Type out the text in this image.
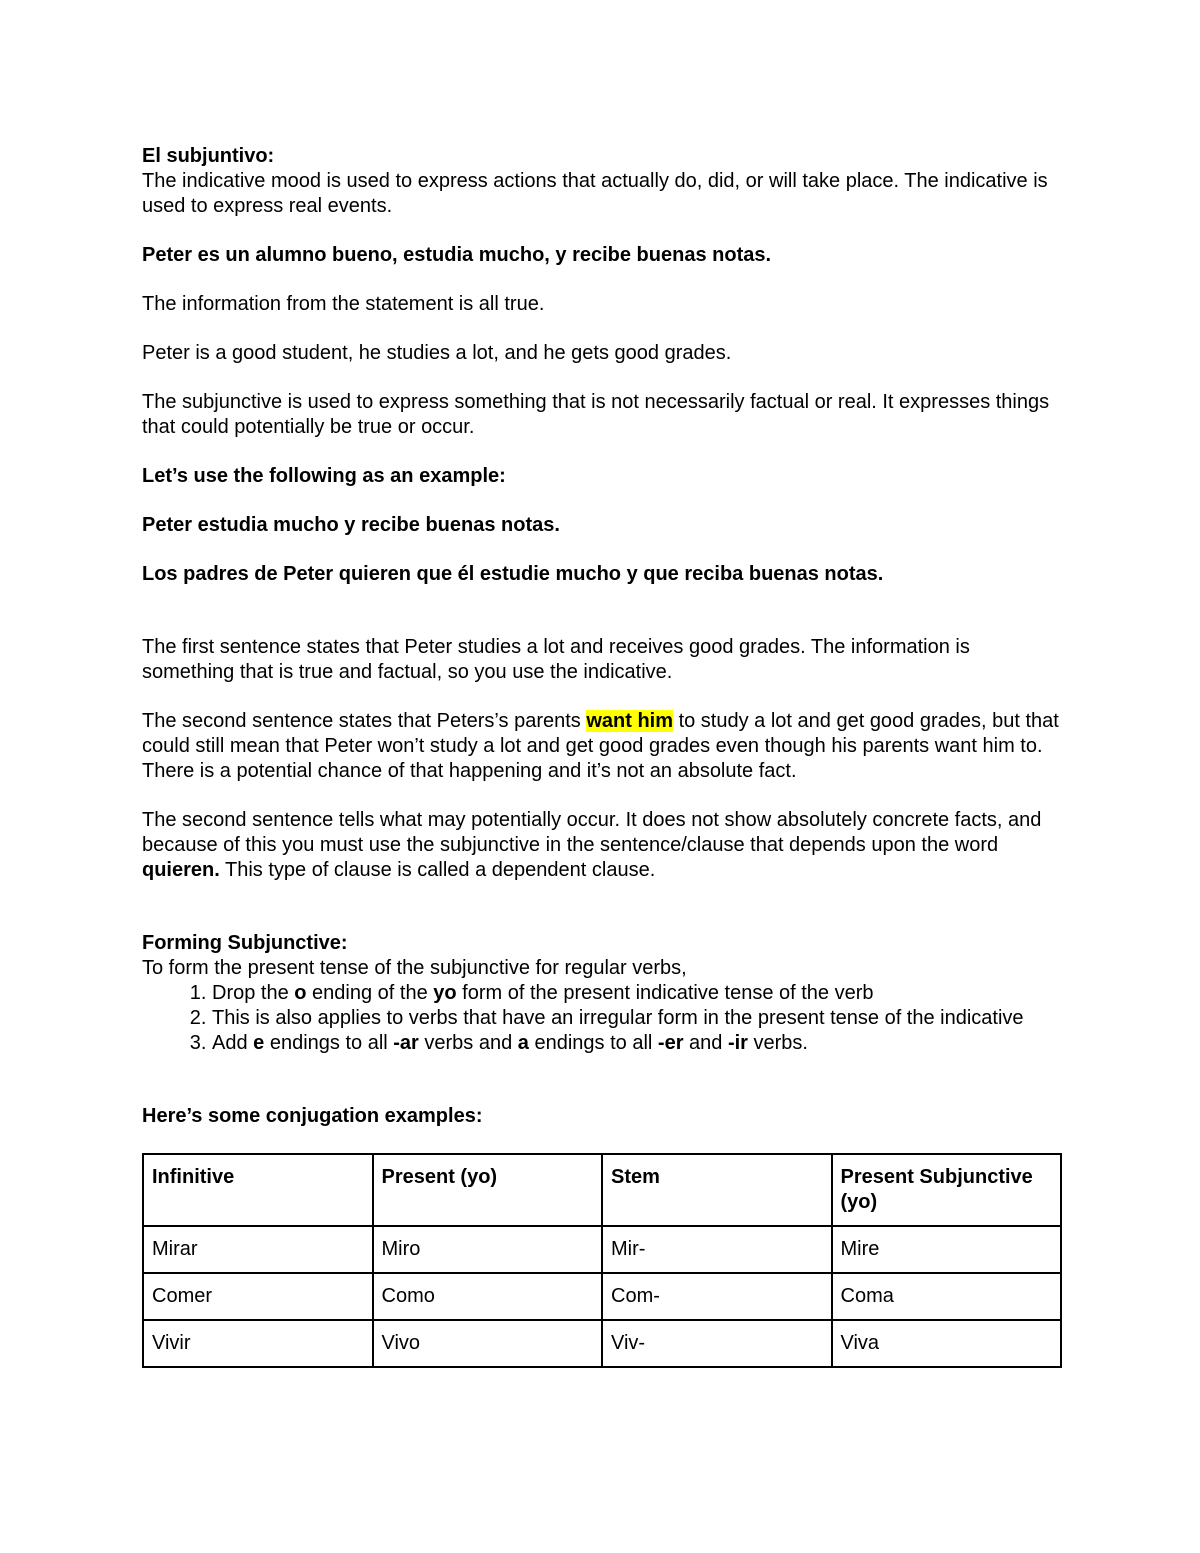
El subjuntivo:

The indicative mood is used to express actions that actually do, did, or will take place. The indicative is used to express real events.

Peter es un alumno bueno, estudia mucho, y recibe buenas notas.

The information from the statement is all true.

Peter is a good student, he studies a lot, and he gets good grades.

The subjunctive is used to express something that is not necessarily factual or real. It expresses things that could potentially be true or occur.

Let’s use the following as an example:

Peter estudia mucho y recibe buenas notas.

Los padres de Peter quieren que él estudie mucho y que reciba buenas notas.

The first sentence states that Peter studies a lot and receives good grades. The information is something that is true and factual, so you use the indicative.

The second sentence states that Peters’s parents want him to study a lot and get good grades, but that could still mean that Peter won’t study a lot and get good grades even though his parents want him to. There is a potential chance of that happening and it’s not an absolute fact.

The second sentence tells what may potentially occur. It does not show absolutely concrete facts, and because of this you must use the subjunctive in the sentence/clause that depends upon the word quieren. This type of clause is called a dependent clause.

Forming Subjunctive:

To form the present tense of the subjunctive for regular verbs,

1. Drop the o ending of the yo form of the present indicative tense of the verb
2. This is also applies to verbs that have an irregular form in the present tense of the indicative
3. Add e endings to all -ar verbs and a endings to all -er and -ir verbs.

Here’s some conjugation examples:

Infinitive	Present (yo)	Stem	Present Subjunctive (yo)
Mirar	Miro	Mir-	Mire
Comer	Como	Com-	Coma
Vivir	Vivo	Viv-	Viva
